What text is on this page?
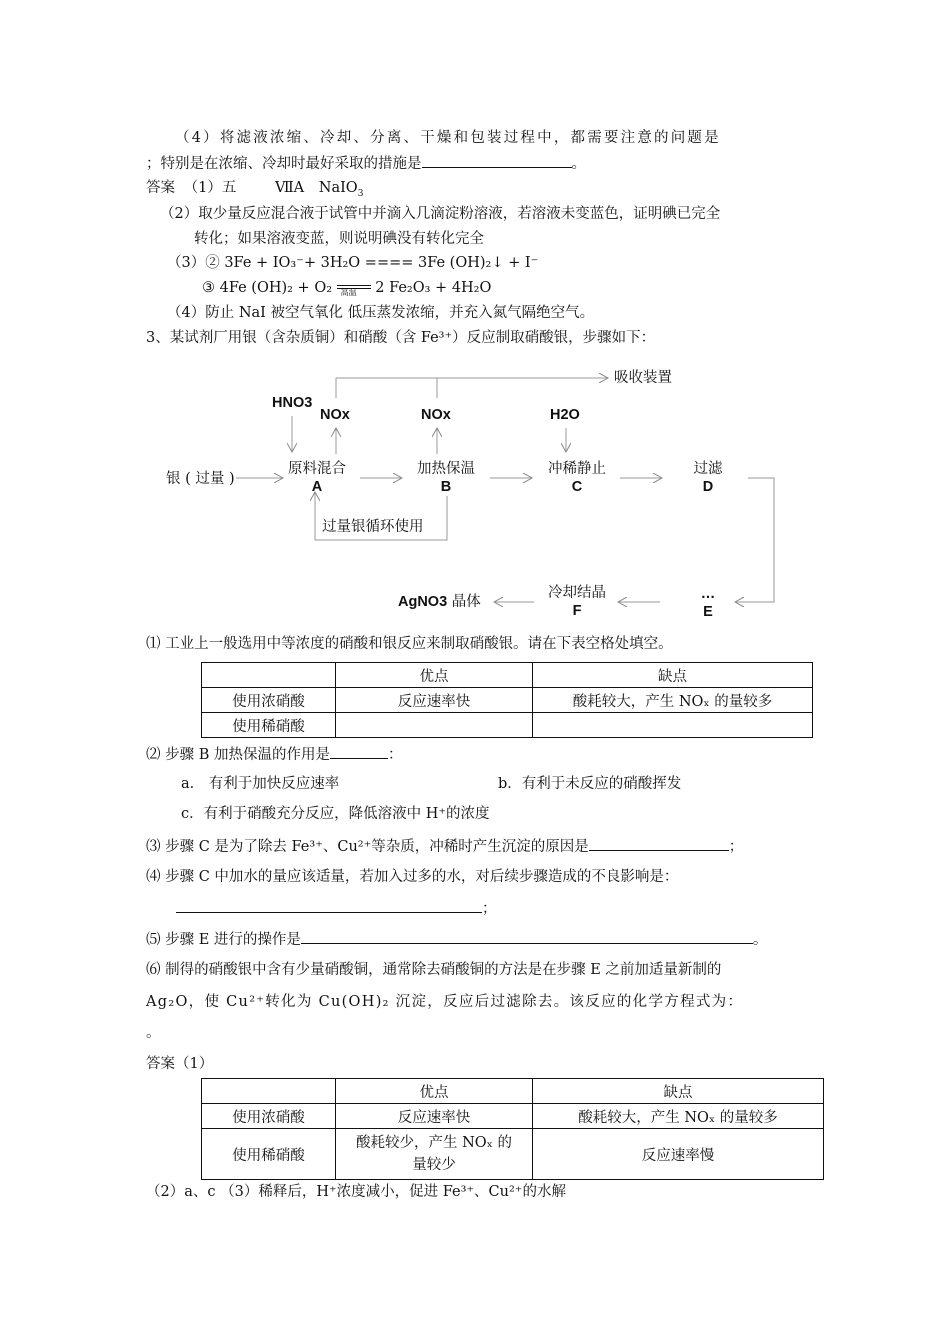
（4）将滤液浓缩、冷却、分离、干燥和包装过程中，都需要注意的问题是
；特别是在浓缩、冷却时最好采取的措施是	。
答案 （1）五	ⅦA NaIO$_3$
（2）取少量反应混合液于试管中并滴入几滴淀粉溶液，若溶液未变蓝色，证明碘已完全
转化；如果溶液变蓝，则说明碘没有转化完全
（3）② 3Fe + IO₃⁻+ 3H₂O ==== 3Fe (OH)₂↓ + I⁻
③ 4Fe (OH)₂ + O₂ 高温 2 Fe₂O₃ + 4H₂O
（4）防止 NaI 被空气氧化 低压蒸发浓缩，并充入氮气隔绝空气。
3、某试剂厂用银（含杂质铜）和硝酸（含 Fe³⁺）反应制取硝酸银，步骤如下：
吸收装置
HNO3
NOx	NOx	H2O
银 ( 过量 )
原料混合
A
加热保温
B
冲稀静止
C
过滤
D
过量银循环使用
…
E
冷却结晶
F
AgNO3 晶体
⑴ 工业上一般选用中等浓度的硝酸和银反应来制取硝酸银。请在下表空格处填空。
	优点	缺点
使用浓硝酸	反应速率快	酸耗较大，产生 NOₓ 的量较多
使用稀硝酸		
⑵ 步骤 B 加热保温的作用是	：
a． 有利于加快反应速率	b．有利于未反应的硝酸挥发
c．有利于硝酸充分反应，降低溶液中 H⁺的浓度
⑶ 步骤 C 是为了除去 Fe³⁺、Cu²⁺等杂质，冲稀时产生沉淀的原因是	；
⑷ 步骤 C 中加水的量应该适量，若加入过多的水，对后续步骤造成的不良影响是：
；
⑸ 步骤 E 进行的操作是	。
⑹ 制得的硝酸银中含有少量硝酸铜，通常除去硝酸铜的方法是在步骤 E 之前加适量新制的
Ag₂O，使 Cu²⁺转化为 Cu(OH)₂ 沉淀，反应后过滤除去。该反应的化学方程式为：
。
答案（1）
	优点	缺点
使用浓硝酸	反应速率快	酸耗较大，产生 NOₓ 的量较多
使用稀硝酸	酸耗较少，产生 NOₓ 的量较少	反应速率慢
（2）a、c （3）稀释后，H⁺浓度减小，促进 Fe³⁺、Cu²⁺的水解
